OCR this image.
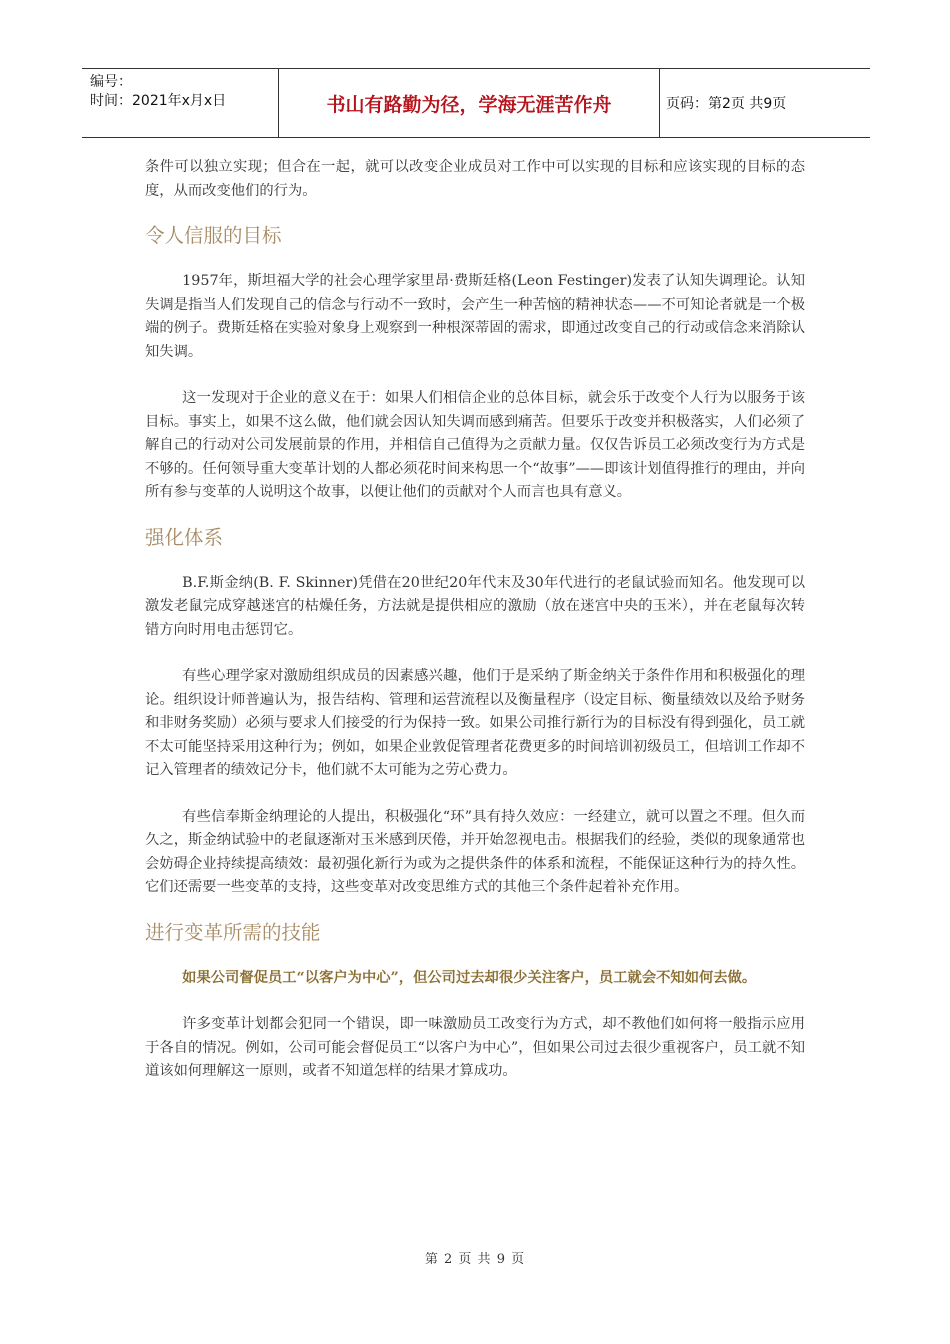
编号：
时间：2021年x月x日	书山有路勤为径，学海无涯苦作舟	页码：第2页 共9页

条件可以独立实现；但合在一起，就可以改变企业成员对工作中可以实现的目标和应该实现的目标的态度，从而改变他们的行为。

令人信服的目标

1957年，斯坦福大学的社会心理学家里昂·费斯廷格(Leon Festinger)发表了认知失调理论。认知失调是指当人们发现自己的信念与行动不一致时，会产生一种苦恼的精神状态——不可知论者就是一个极端的例子。费斯廷格在实验对象身上观察到一种根深蒂固的需求，即通过改变自己的行动或信念来消除认知失调。

这一发现对于企业的意义在于：如果人们相信企业的总体目标，就会乐于改变个人行为以服务于该目标。事实上，如果不这么做，他们就会因认知失调而感到痛苦。但要乐于改变并积极落实，人们必须了解自己的行动对公司发展前景的作用，并相信自己值得为之贡献力量。仅仅告诉员工必须改变行为方式是不够的。任何领导重大变革计划的人都必须花时间来构思一个“故事”——即该计划值得推行的理由，并向所有参与变革的人说明这个故事，以便让他们的贡献对个人而言也具有意义。

强化体系

B.F.斯金纳(B. F. Skinner)凭借在20世纪20年代末及30年代进行的老鼠试验而知名。他发现可以激发老鼠完成穿越迷宫的枯燥任务，方法就是提供相应的激励（放在迷宫中央的玉米），并在老鼠每次转错方向时用电击惩罚它。

有些心理学家对激励组织成员的因素感兴趣，他们于是采纳了斯金纳关于条件作用和积极强化的理论。组织设计师普遍认为，报告结构、管理和运营流程以及衡量程序（设定目标、衡量绩效以及给予财务和非财务奖励）必须与要求人们接受的行为保持一致。如果公司推行新行为的目标没有得到强化，员工就不太可能坚持采用这种行为；例如，如果企业敦促管理者花费更多的时间培训初级员工，但培训工作却不记入管理者的绩效记分卡，他们就不太可能为之劳心费力。

有些信奉斯金纳理论的人提出，积极强化“环”具有持久效应：一经建立，就可以置之不理。但久而久之，斯金纳试验中的老鼠逐渐对玉米感到厌倦，并开始忽视电击。根据我们的经验，类似的现象通常也会妨碍企业持续提高绩效：最初强化新行为或为之提供条件的体系和流程，不能保证这种行为的持久性。它们还需要一些变革的支持，这些变革对改变思维方式的其他三个条件起着补充作用。

进行变革所需的技能

如果公司督促员工“以客户为中心”，但公司过去却很少关注客户，员工就会不知如何去做。

许多变革计划都会犯同一个错误，即一味激励员工改变行为方式，却不教他们如何将一般指示应用于各自的情况。例如，公司可能会督促员工“以客户为中心”，但如果公司过去很少重视客户，员工就不知道该如何理解这一原则，或者不知道怎样的结果才算成功。

第 2 页 共 9 页
